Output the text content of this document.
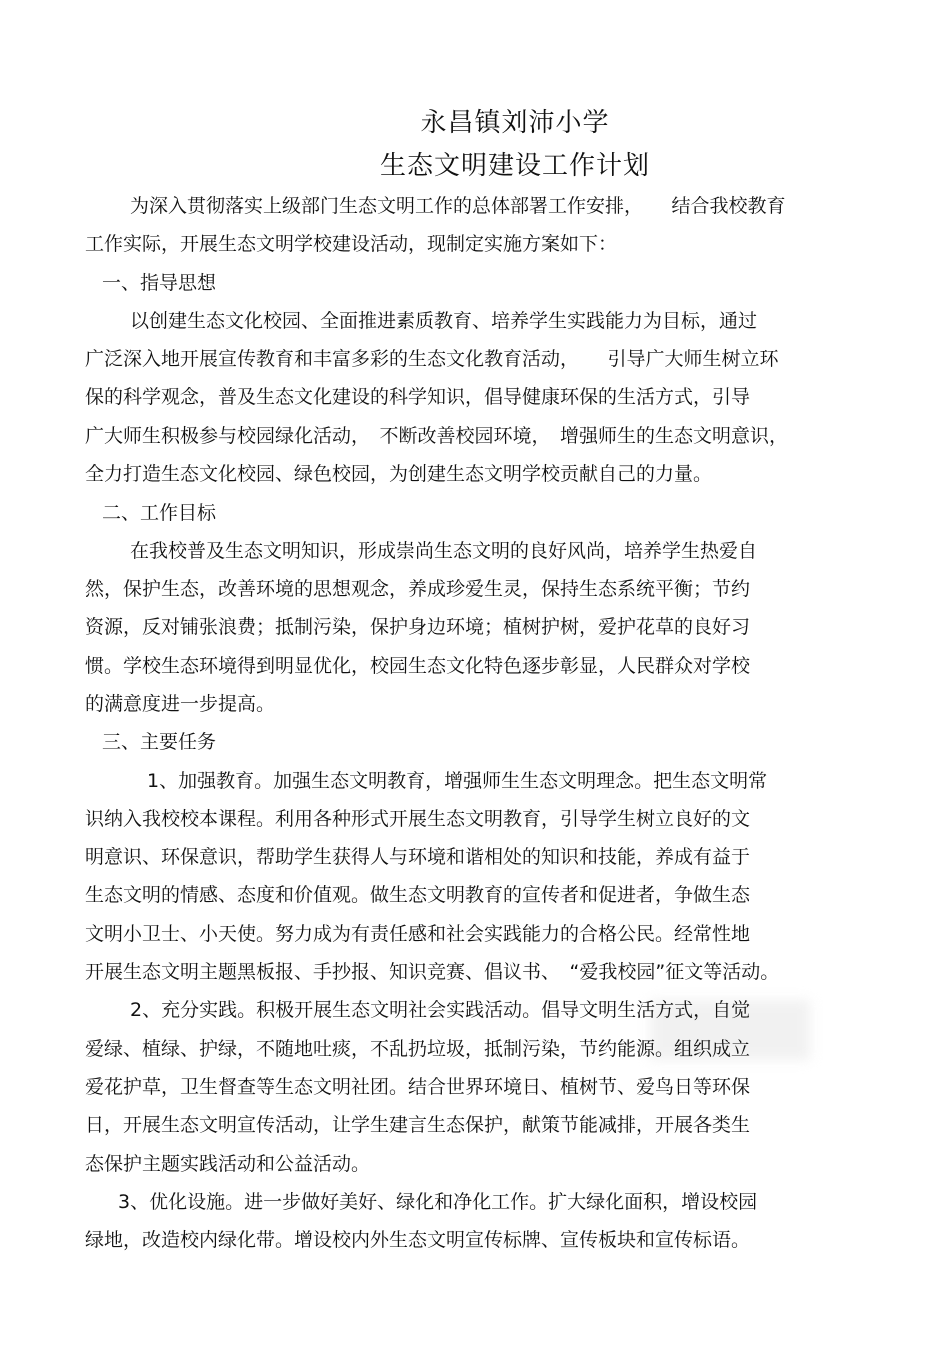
永昌镇刘沛小学
生态文明建设工作计划
为深入贯彻落实上级部门生态文明工作的总体部署工作安排，　　结合我校教育
工作实际，开展生态文明学校建设活动，现制定实施方案如下：
一、指导思想
以创建生态文化校园、全面推进素质教育、培养学生实践能力为目标，通过
广泛深入地开展宣传教育和丰富多彩的生态文化教育活动，　　引导广大师生树立环
保的科学观念，普及生态文化建设的科学知识，倡导健康环保的生活方式，引导
广大师生积极参与校园绿化活动，　不断改善校园环境，　增强师生的生态文明意识，
全力打造生态文化校园、绿色校园，为创建生态文明学校贡献自己的力量。
二、工作目标
在我校普及生态文明知识，形成崇尚生态文明的良好风尚，培养学生热爱自
然，保护生态，改善环境的思想观念，养成珍爱生灵，保持生态系统平衡；节约
资源，反对铺张浪费；抵制污染，保护身边环境；植树护树，爱护花草的良好习
惯。学校生态环境得到明显优化，校园生态文化特色逐步彰显，人民群众对学校
的满意度进一步提高。
三、主要任务
1、加强教育。加强生态文明教育，增强师生生态文明理念。把生态文明常
识纳入我校校本课程。利用各种形式开展生态文明教育，引导学生树立良好的文
明意识、环保意识，帮助学生获得人与环境和谐相处的知识和技能，养成有益于
生态文明的情感、态度和价值观。做生态文明教育的宣传者和促进者，争做生态
文明小卫士、小天使。努力成为有责任感和社会实践能力的合格公民。经常性地
开展生态文明主题黑板报、手抄报、知识竞赛、倡议书、　“爱我校园”征文等活动。
2、充分实践。积极开展生态文明社会实践活动。倡导文明生活方式，自觉
爱绿、植绿、护绿，不随地吐痰，不乱扔垃圾，抵制污染，节约能源。组织成立
爱花护草，卫生督查等生态文明社团。结合世界环境日、植树节、爱鸟日等环保
日，开展生态文明宣传活动，让学生建言生态保护，献策节能减排，开展各类生
态保护主题实践活动和公益活动。
3、优化设施。进一步做好美好、绿化和净化工作。扩大绿化面积，增设校园
绿地，改造校内绿化带。增设校内外生态文明宣传标牌、宣传板块和宣传标语。
